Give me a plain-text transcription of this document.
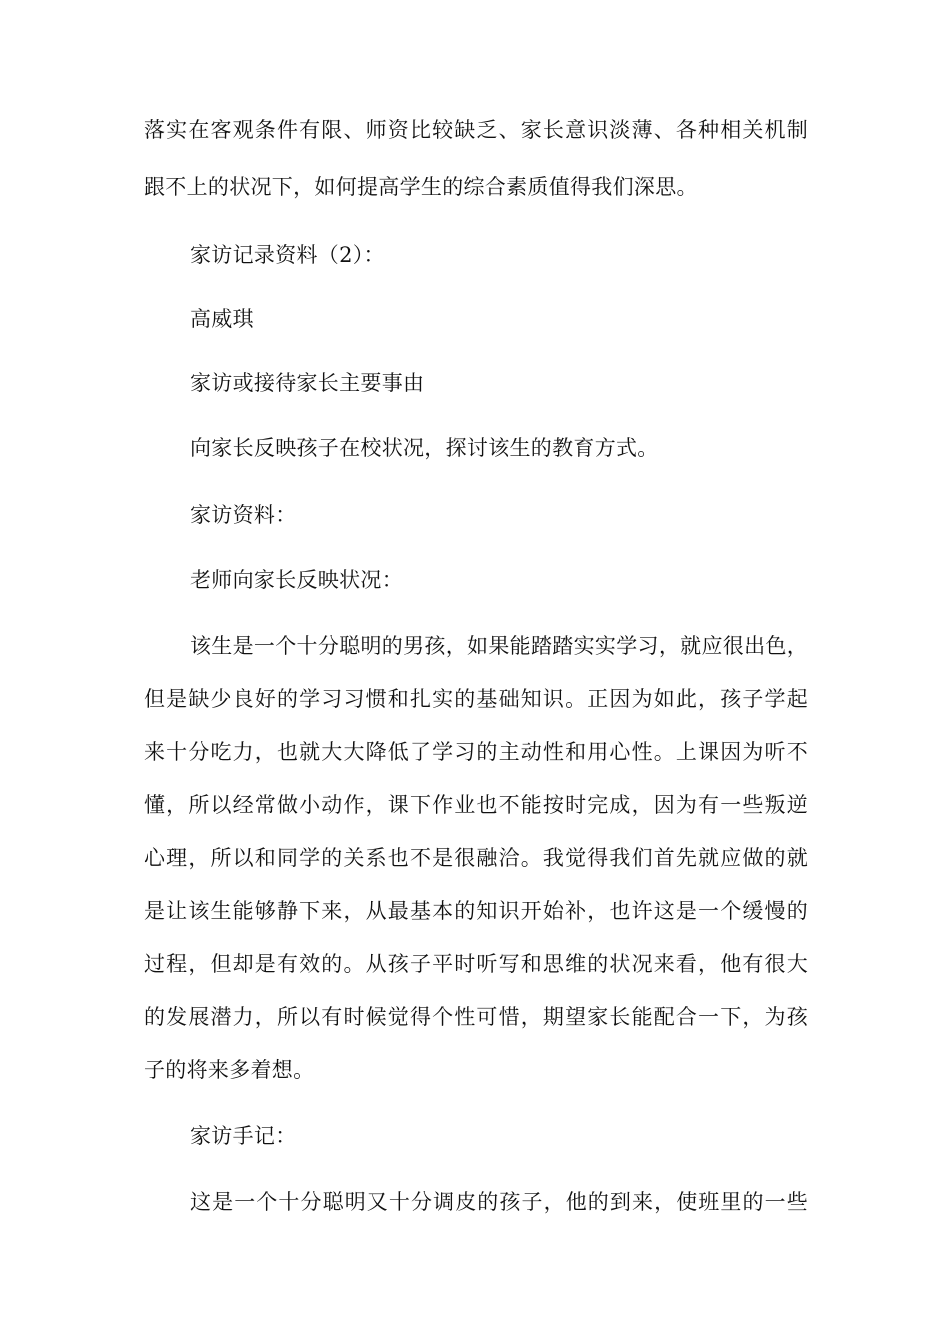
落实在客观条件有限、师资比较缺乏、家长意识淡薄、各种相关机制
跟不上的状况下，如何提高学生的综合素质值得我们深思。
家访记录资料（2）：
高威琪
家访或接待家长主要事由
向家长反映孩子在校状况，探讨该生的教育方式。
家访资料：
老师向家长反映状况：
该生是一个十分聪明的男孩，如果能踏踏实实学习，就应很出色，
但是缺少良好的学习习惯和扎实的基础知识。正因为如此，孩子学起
来十分吃力，也就大大降低了学习的主动性和用心性。上课因为听不
懂，所以经常做小动作，课下作业也不能按时完成，因为有一些叛逆
心理，所以和同学的关系也不是很融洽。我觉得我们首先就应做的就
是让该生能够静下来，从最基本的知识开始补，也许这是一个缓慢的
过程，但却是有效的。从孩子平时听写和思维的状况来看，他有很大
的发展潜力，所以有时候觉得个性可惜，期望家长能配合一下，为孩
子的将来多着想。
家访手记：
这是一个十分聪明又十分调皮的孩子，他的到来，使班里的一些
